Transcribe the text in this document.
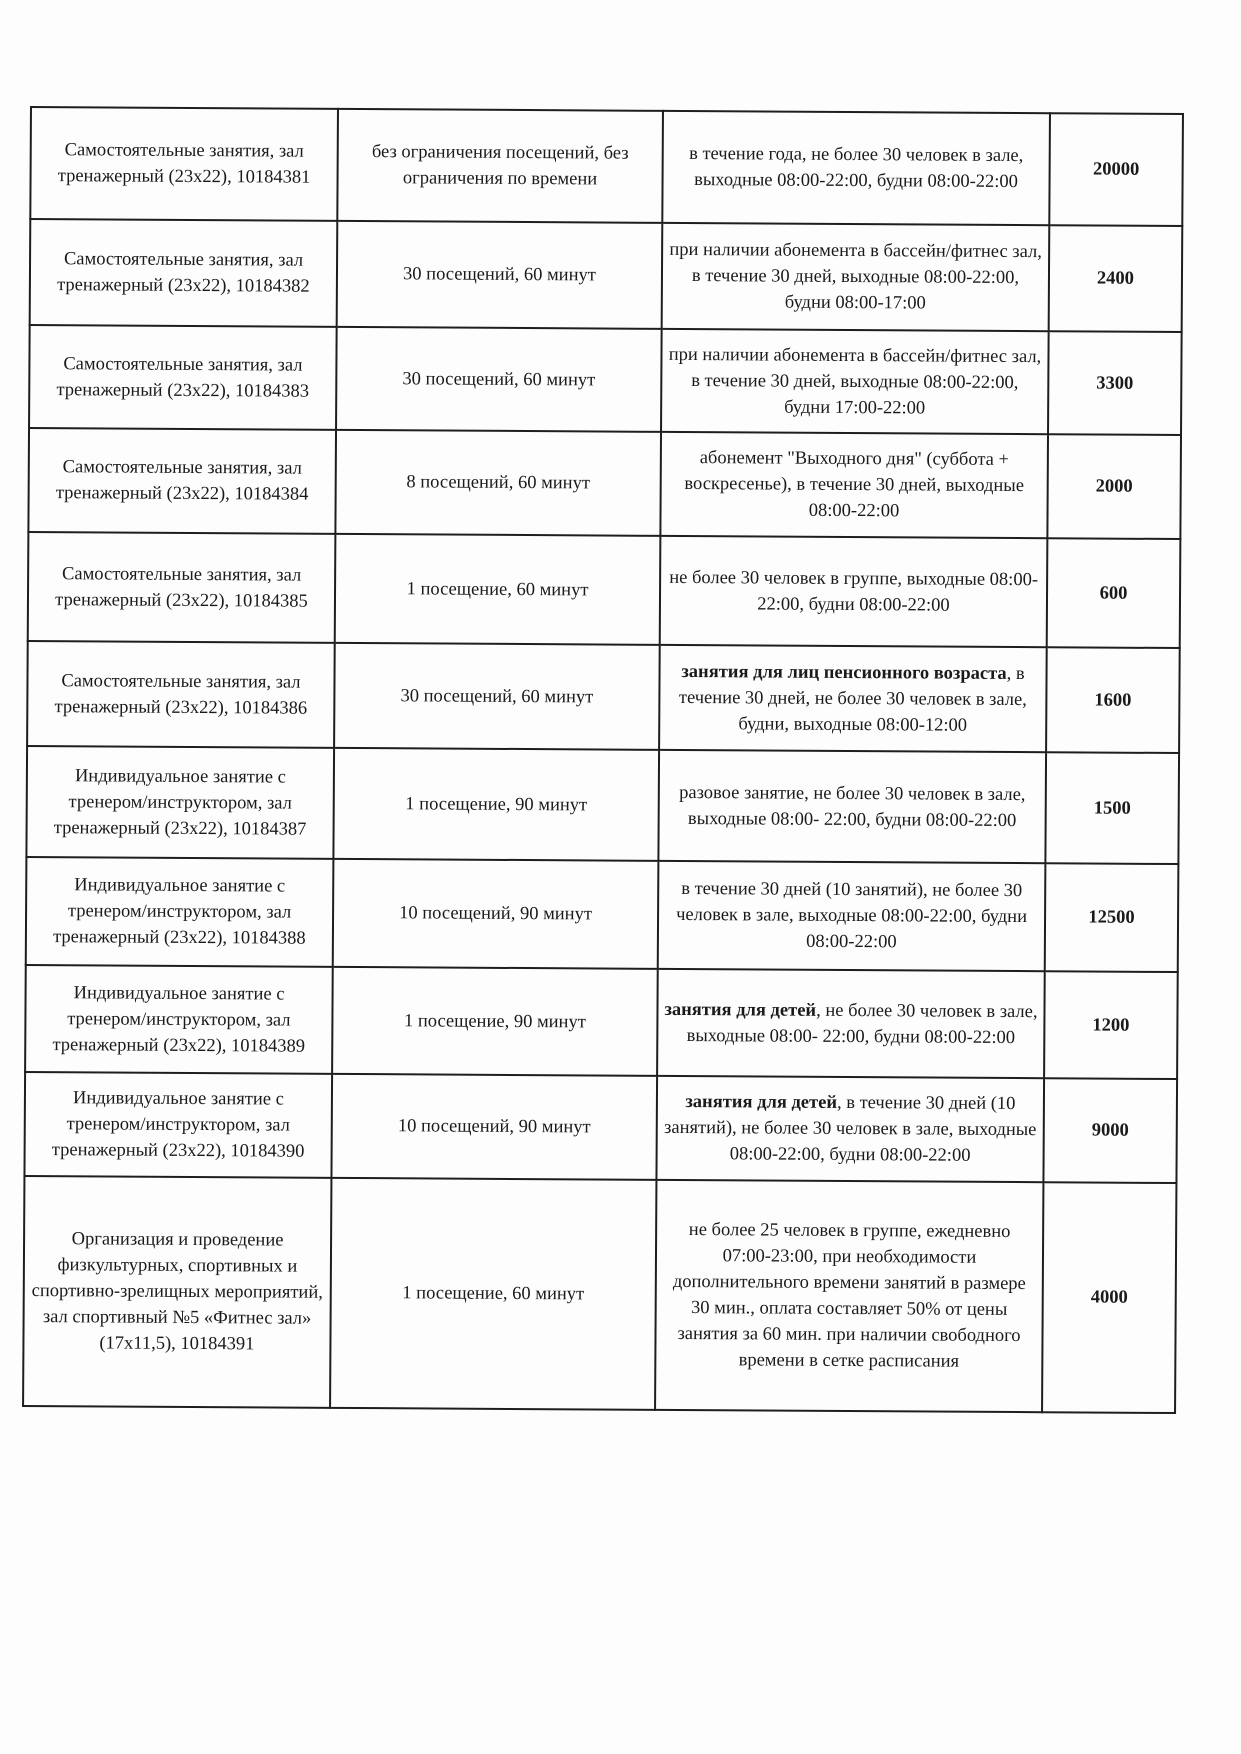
Самостоятельные занятия, зал тренажерный (23х22), 10184381	без ограничения посещений, без ограничения по времени	в течение года, не более 30 человек в зале, выходные 08:00-22:00, будни 08:00-22:00	20000
Самостоятельные занятия, зал тренажерный (23х22), 10184382	30 посещений, 60 минут	при наличии абонемента в бассейн/фитнес зал, в течение 30 дней, выходные 08:00-22:00, будни 08:00-17:00	2400
Самостоятельные занятия, зал тренажерный (23х22), 10184383	30 посещений, 60 минут	при наличии абонемента в бассейн/фитнес зал, в течение 30 дней, выходные 08:00-22:00, будни 17:00-22:00	3300
Самостоятельные занятия, зал тренажерный (23х22), 10184384	8 посещений, 60 минут	абонемент "Выходного дня" (суббота + воскресенье), в течение 30 дней, выходные 08:00-22:00	2000
Самостоятельные занятия, зал тренажерный (23х22), 10184385	1 посещение, 60 минут	не более 30 человек в группе, выходные 08:00-22:00, будни 08:00-22:00	600
Самостоятельные занятия, зал тренажерный (23х22), 10184386	30 посещений, 60 минут	занятия для лиц пенсионного возраста, в течение 30 дней, не более 30 человек в зале, будни, выходные 08:00-12:00	1600
Индивидуальное занятие с тренером/инструктором, зал тренажерный (23х22), 10184387	1 посещение, 90 минут	разовое занятие, не более 30 человек в зале, выходные 08:00- 22:00, будни 08:00-22:00	1500
Индивидуальное занятие с тренером/инструктором, зал тренажерный (23х22), 10184388	10 посещений, 90 минут	в течение 30 дней (10 занятий), не более 30 человек в зале, выходные 08:00-22:00, будни 08:00-22:00	12500
Индивидуальное занятие с тренером/инструктором, зал тренажерный (23х22), 10184389	1 посещение, 90 минут	занятия для детей, не более 30 человек в зале, выходные 08:00- 22:00, будни 08:00-22:00	1200
Индивидуальное занятие с тренером/инструктором, зал тренажерный (23х22), 10184390	10 посещений, 90 минут	занятия для детей, в течение 30 дней (10 занятий), не более 30 человек в зале, выходные 08:00-22:00, будни 08:00-22:00	9000
Организация и проведение физкультурных, спортивных и спортивно-зрелищных мероприятий, зал спортивный №5 «Фитнес зал» (17х11,5), 10184391	1 посещение, 60 минут	не более 25 человек в группе, ежедневно 07:00-23:00, при необходимости дополнительного времени занятий в размере 30 мин., оплата составляет 50% от цены занятия за 60 мин. при наличии свободного времени в сетке расписания	4000
